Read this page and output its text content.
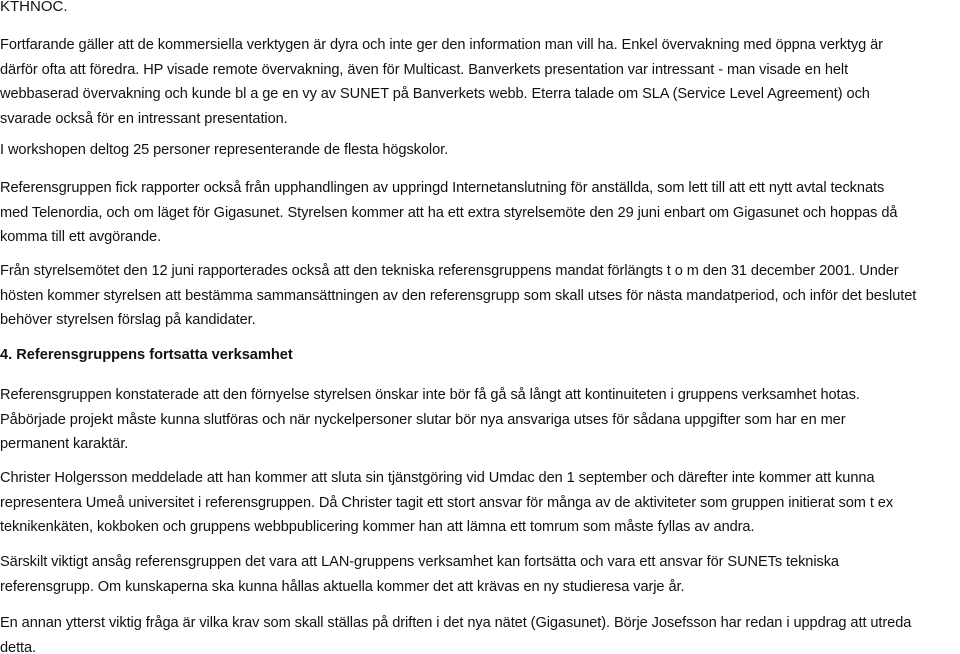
KTHNOC.
Fortfarande gäller att de kommersiella verktygen är dyra och inte ger den information man vill ha. Enkel övervakning med öppna verktyg är
därför ofta att föredra. HP visade remote övervakning, även för Multicast. Banverkets presentation var intressant - man visade en helt
webbaserad övervakning och kunde bl a ge en vy av SUNET på Banverkets webb. Eterra talade om SLA (Service Level Agreement) och
svarade också för en intressant presentation.
I workshopen deltog 25 personer representerande de flesta högskolor.
Referensgruppen fick rapporter också från upphandlingen av uppringd Internetanslutning för anställda, som lett till att ett nytt avtal tecknats
med Telenordia, och om läget för Gigasunet. Styrelsen kommer att ha ett extra styrelsemöte den 29 juni enbart om Gigasunet och hoppas då
komma till ett avgörande.
Från styrelsemötet den 12 juni rapporterades också att den tekniska referensgruppens mandat förlängts t o m den 31 december 2001. Under
hösten kommer styrelsen att bestämma sammansättningen av den referensgrupp som skall utses för nästa mandatperiod, och inför det beslutet
behöver styrelsen förslag på kandidater.
4. Referensgruppens fortsatta verksamhet
Referensgruppen konstaterade att den förnyelse styrelsen önskar inte bör få gå så långt att kontinuiteten i gruppens verksamhet hotas.
Påbörjade projekt måste kunna slutföras och när nyckelpersoner slutar bör nya ansvariga utses för sådana uppgifter som har en mer
permanent karaktär.
Christer Holgersson meddelade att han kommer att sluta sin tjänstgöring vid Umdac den 1 september och därefter inte kommer att kunna
representera Umeå universitet i referensgruppen. Då Christer tagit ett stort ansvar för många av de aktiviteter som gruppen initierat som t ex
teknikenkäten, kokboken och gruppens webbpublicering kommer han att lämna ett tomrum som måste fyllas av andra.
Särskilt viktigt ansåg referensgruppen det vara att LAN-gruppens verksamhet kan fortsätta och vara ett ansvar för SUNETs tekniska
referensgrupp. Om kunskaperna ska kunna hållas aktuella kommer det att krävas en ny studieresa varje år.
En annan ytterst viktig fråga är vilka krav som skall ställas på driften i det nya nätet (Gigasunet). Börje Josefsson har redan i uppdrag att utreda
detta.
